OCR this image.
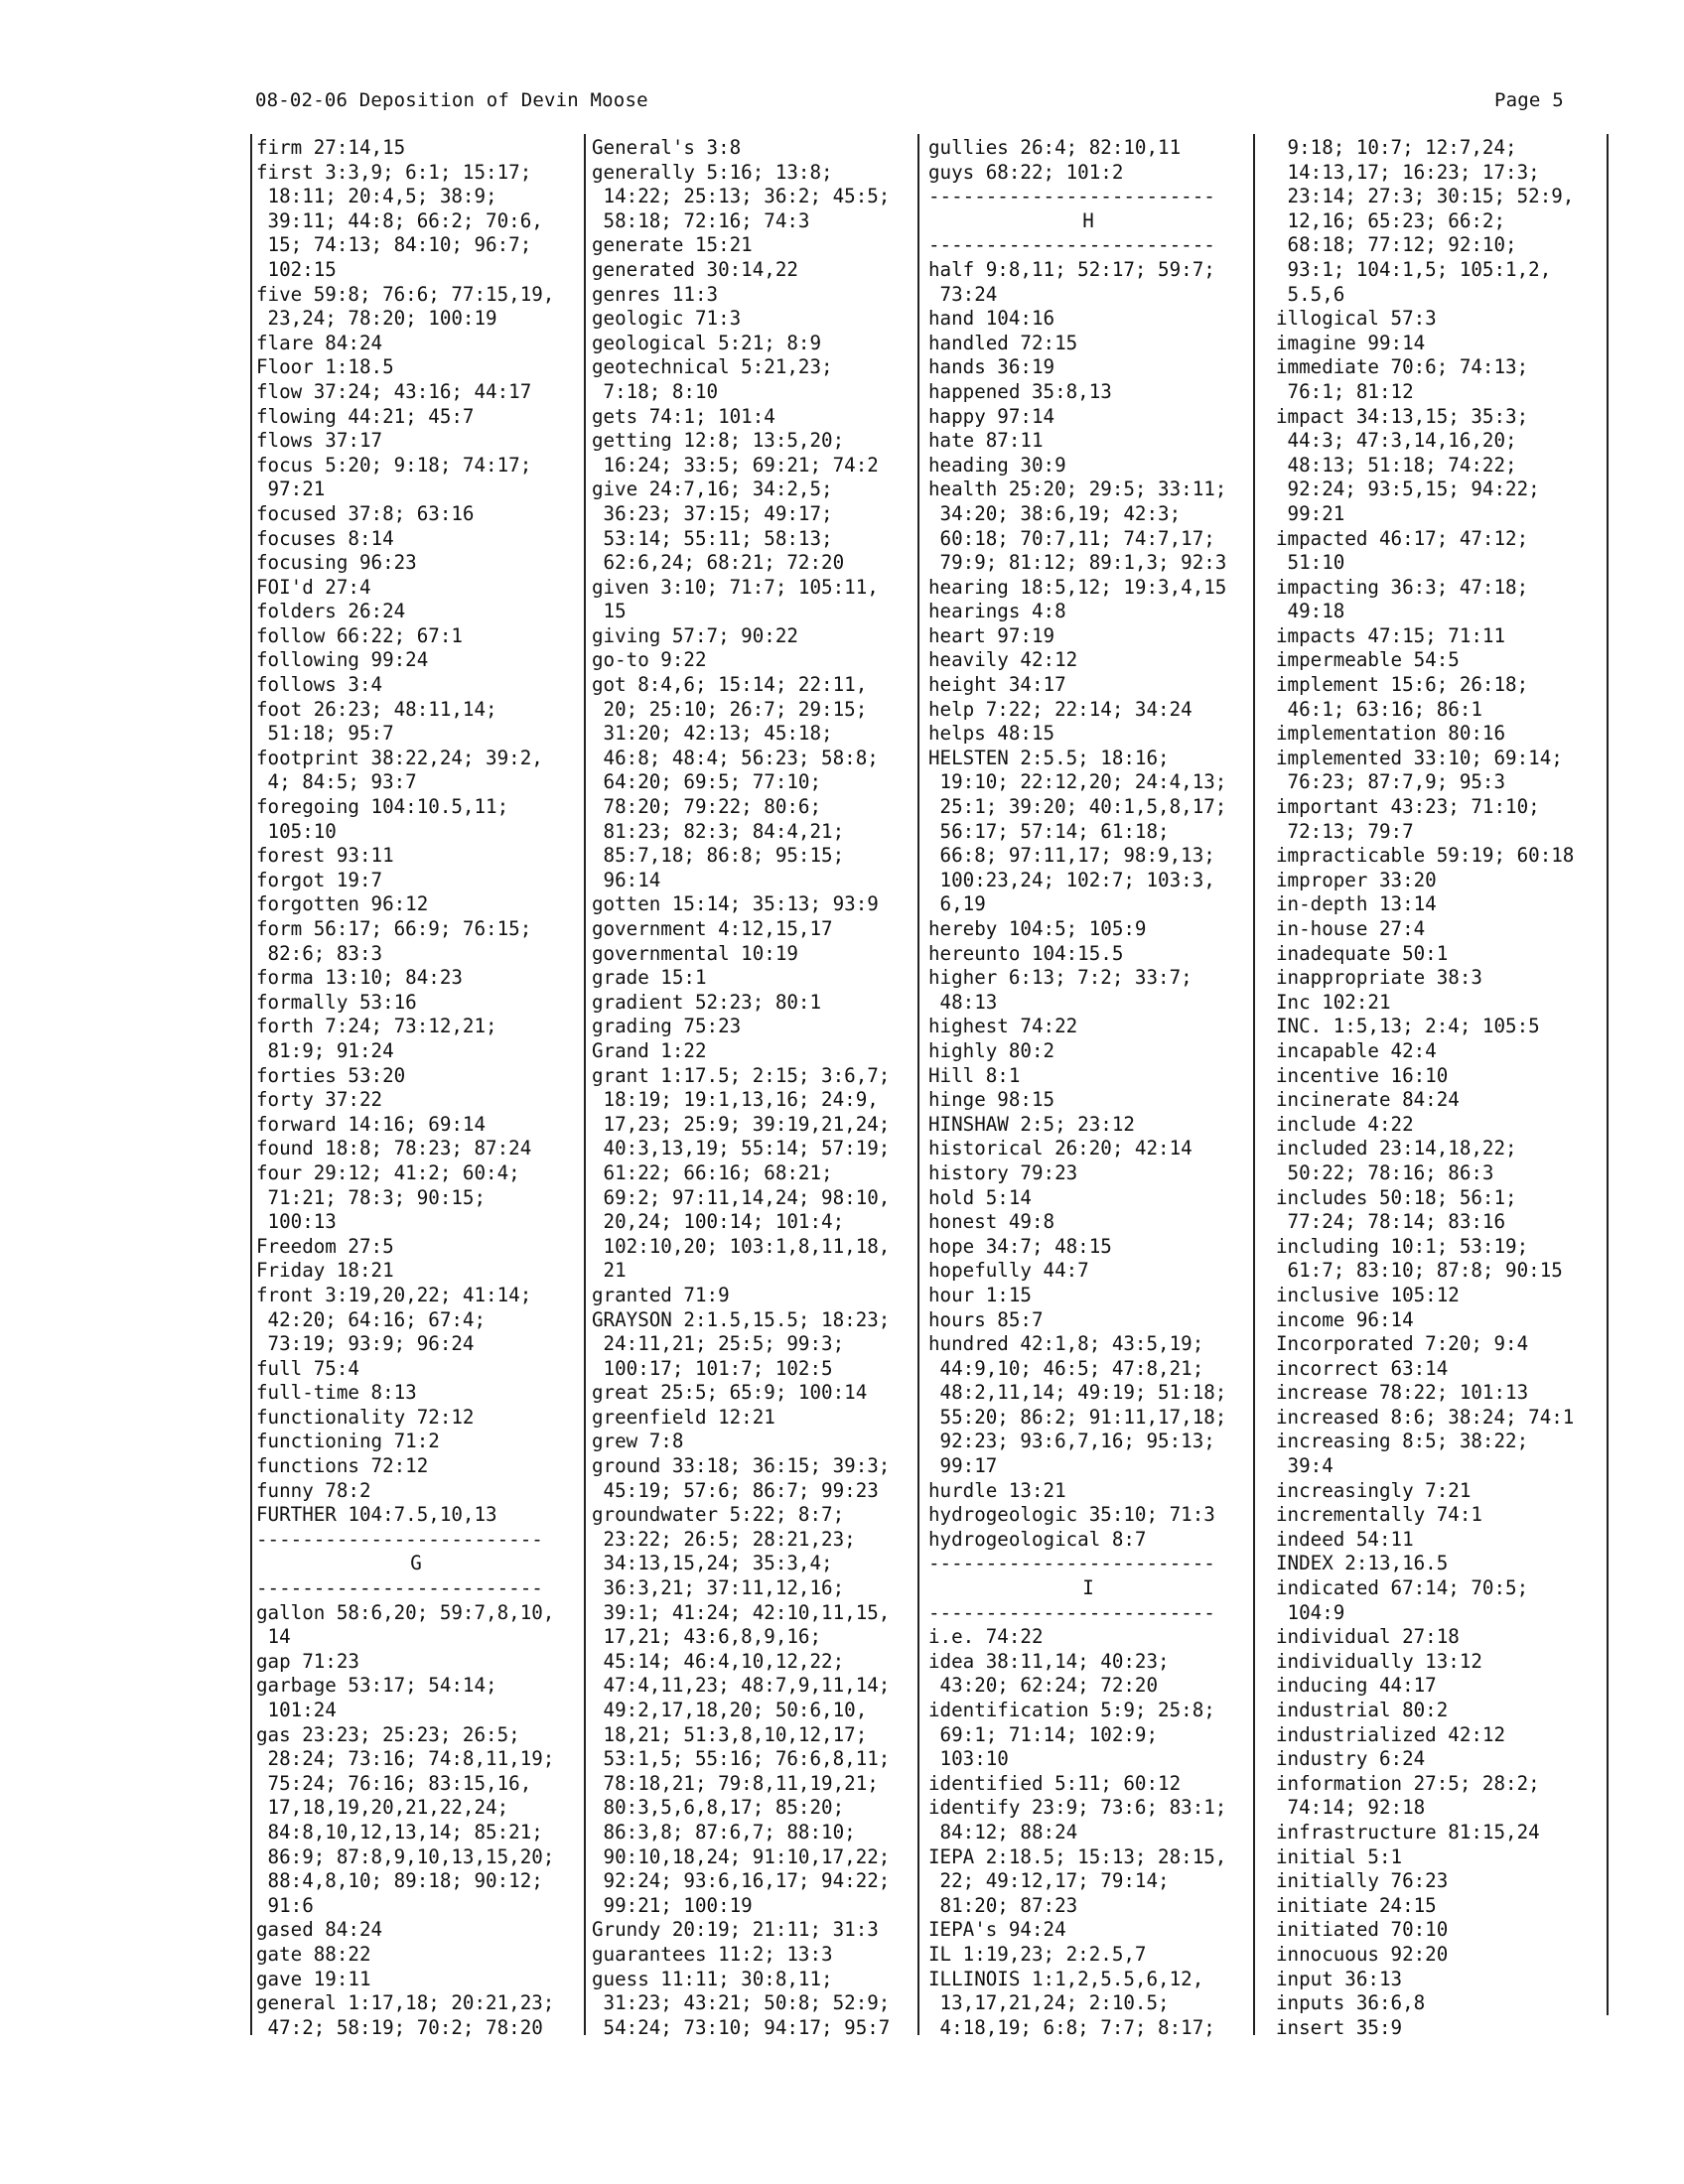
08-02-06 Deposition of Devin Moose	Page 5
firm 27:14,15
first 3:3,9; 6:1; 15:17;
18:11; 20:4,5; 38:9;
39:11; 44:8; 66:2; 70:6,
15; 74:13; 84:10; 96:7;
102:15
five 59:8; 76:6; 77:15,19,
23,24; 78:20; 100:19
flare 84:24
Floor 1:18.5
flow 37:24; 43:16; 44:17
flowing 44:21; 45:7
flows 37:17
focus 5:20; 9:18; 74:17;
97:21
focused 37:8; 63:16
focuses 8:14
focusing 96:23
FOI'd 27:4
folders 26:24
follow 66:22; 67:1
following 99:24
follows 3:4
foot 26:23; 48:11,14;
51:18; 95:7
footprint 38:22,24; 39:2,
4; 84:5; 93:7
foregoing 104:10.5,11;
105:10
forest 93:11
forgot 19:7
forgotten 96:12
form 56:17; 66:9; 76:15;
82:6; 83:3
forma 13:10; 84:23
formally 53:16
forth 7:24; 73:12,21;
81:9; 91:24
forties 53:20
forty 37:22
forward 14:16; 69:14
found 18:8; 78:23; 87:24
four 29:12; 41:2; 60:4;
71:21; 78:3; 90:15;
100:13
Freedom 27:5
Friday 18:21
front 3:19,20,22; 41:14;
42:20; 64:16; 67:4;
73:19; 93:9; 96:24
full 75:4
full-time 8:13
functionality 72:12
functioning 71:2
functions 72:12
funny 78:2
FURTHER 104:7.5,10,13
-------------------------
G
-------------------------
gallon 58:6,20; 59:7,8,10,
14
gap 71:23
garbage 53:17; 54:14;
101:24
gas 23:23; 25:23; 26:5;
28:24; 73:16; 74:8,11,19;
75:24; 76:16; 83:15,16,
17,18,19,20,21,22,24;
84:8,10,12,13,14; 85:21;
86:9; 87:8,9,10,13,15,20;
88:4,8,10; 89:18; 90:12;
91:6
gased 84:24
gate 88:22
gave 19:11
general 1:17,18; 20:21,23;
47:2; 58:19; 70:2; 78:20
General's 3:8
generally 5:16; 13:8;
14:22; 25:13; 36:2; 45:5;
58:18; 72:16; 74:3
generate 15:21
generated 30:14,22
genres 11:3
geologic 71:3
geological 5:21; 8:9
geotechnical 5:21,23;
7:18; 8:10
gets 74:1; 101:4
getting 12:8; 13:5,20;
16:24; 33:5; 69:21; 74:2
give 24:7,16; 34:2,5;
36:23; 37:15; 49:17;
53:14; 55:11; 58:13;
62:6,24; 68:21; 72:20
given 3:10; 71:7; 105:11,
15
giving 57:7; 90:22
go-to 9:22
got 8:4,6; 15:14; 22:11,
20; 25:10; 26:7; 29:15;
31:20; 42:13; 45:18;
46:8; 48:4; 56:23; 58:8;
64:20; 69:5; 77:10;
78:20; 79:22; 80:6;
81:23; 82:3; 84:4,21;
85:7,18; 86:8; 95:15;
96:14
gotten 15:14; 35:13; 93:9
government 4:12,15,17
governmental 10:19
grade 15:1
gradient 52:23; 80:1
grading 75:23
Grand 1:22
grant 1:17.5; 2:15; 3:6,7;
18:19; 19:1,13,16; 24:9,
17,23; 25:9; 39:19,21,24;
40:3,13,19; 55:14; 57:19;
61:22; 66:16; 68:21;
69:2; 97:11,14,24; 98:10,
20,24; 100:14; 101:4;
102:10,20; 103:1,8,11,18,
21
granted 71:9
GRAYSON 2:1.5,15.5; 18:23;
24:11,21; 25:5; 99:3;
100:17; 101:7; 102:5
great 25:5; 65:9; 100:14
greenfield 12:21
grew 7:8
ground 33:18; 36:15; 39:3;
45:19; 57:6; 86:7; 99:23
groundwater 5:22; 8:7;
23:22; 26:5; 28:21,23;
34:13,15,24; 35:3,4;
36:3,21; 37:11,12,16;
39:1; 41:24; 42:10,11,15,
17,21; 43:6,8,9,16;
45:14; 46:4,10,12,22;
47:4,11,23; 48:7,9,11,14;
49:2,17,18,20; 50:6,10,
18,21; 51:3,8,10,12,17;
53:1,5; 55:16; 76:6,8,11;
78:18,21; 79:8,11,19,21;
80:3,5,6,8,17; 85:20;
86:3,8; 87:6,7; 88:10;
90:10,18,24; 91:10,17,22;
92:24; 93:6,16,17; 94:22;
99:21; 100:19
Grundy 20:19; 21:11; 31:3
guarantees 11:2; 13:3
guess 11:11; 30:8,11;
31:23; 43:21; 50:8; 52:9;
54:24; 73:10; 94:17; 95:7
gullies 26:4; 82:10,11
guys 68:22; 101:2
-------------------------
H
-------------------------
half 9:8,11; 52:17; 59:7;
73:24
hand 104:16
handled 72:15
hands 36:19
happened 35:8,13
happy 97:14
hate 87:11
heading 30:9
health 25:20; 29:5; 33:11;
34:20; 38:6,19; 42:3;
60:18; 70:7,11; 74:7,17;
79:9; 81:12; 89:1,3; 92:3
hearing 18:5,12; 19:3,4,15
hearings 4:8
heart 97:19
heavily 42:12
height 34:17
help 7:22; 22:14; 34:24
helps 48:15
HELSTEN 2:5.5; 18:16;
19:10; 22:12,20; 24:4,13;
25:1; 39:20; 40:1,5,8,17;
56:17; 57:14; 61:18;
66:8; 97:11,17; 98:9,13;
100:23,24; 102:7; 103:3,
6,19
hereby 104:5; 105:9
hereunto 104:15.5
higher 6:13; 7:2; 33:7;
48:13
highest 74:22
highly 80:2
Hill 8:1
hinge 98:15
HINSHAW 2:5; 23:12
historical 26:20; 42:14
history 79:23
hold 5:14
honest 49:8
hope 34:7; 48:15
hopefully 44:7
hour 1:15
hours 85:7
hundred 42:1,8; 43:5,19;
44:9,10; 46:5; 47:8,21;
48:2,11,14; 49:19; 51:18;
55:20; 86:2; 91:11,17,18;
92:23; 93:6,7,16; 95:13;
99:17
hurdle 13:21
hydrogeologic 35:10; 71:3
hydrogeological 8:7
-------------------------
I
-------------------------
i.e. 74:22
idea 38:11,14; 40:23;
43:20; 62:24; 72:20
identification 5:9; 25:8;
69:1; 71:14; 102:9;
103:10
identified 5:11; 60:12
identify 23:9; 73:6; 83:1;
84:12; 88:24
IEPA 2:18.5; 15:13; 28:15,
22; 49:12,17; 79:14;
81:20; 87:23
IEPA's 94:24
IL 1:19,23; 2:2.5,7
ILLINOIS 1:1,2,5.5,6,12,
13,17,21,24; 2:10.5;
4:18,19; 6:8; 7:7; 8:17;
9:18; 10:7; 12:7,24;
14:13,17; 16:23; 17:3;
23:14; 27:3; 30:15; 52:9,
12,16; 65:23; 66:2;
68:18; 77:12; 92:10;
93:1; 104:1,5; 105:1,2,
5.5,6
illogical 57:3
imagine 99:14
immediate 70:6; 74:13;
76:1; 81:12
impact 34:13,15; 35:3;
44:3; 47:3,14,16,20;
48:13; 51:18; 74:22;
92:24; 93:5,15; 94:22;
99:21
impacted 46:17; 47:12;
51:10
impacting 36:3; 47:18;
49:18
impacts 47:15; 71:11
impermeable 54:5
implement 15:6; 26:18;
46:1; 63:16; 86:1
implementation 80:16
implemented 33:10; 69:14;
76:23; 87:7,9; 95:3
important 43:23; 71:10;
72:13; 79:7
impracticable 59:19; 60:18
improper 33:20
in-depth 13:14
in-house 27:4
inadequate 50:1
inappropriate 38:3
Inc 102:21
INC. 1:5,13; 2:4; 105:5
incapable 42:4
incentive 16:10
incinerate 84:24
include 4:22
included 23:14,18,22;
50:22; 78:16; 86:3
includes 50:18; 56:1;
77:24; 78:14; 83:16
including 10:1; 53:19;
61:7; 83:10; 87:8; 90:15
inclusive 105:12
income 96:14
Incorporated 7:20; 9:4
incorrect 63:14
increase 78:22; 101:13
increased 8:6; 38:24; 74:1
increasing 8:5; 38:22;
39:4
increasingly 7:21
incrementally 74:1
indeed 54:11
INDEX 2:13,16.5
indicated 67:14; 70:5;
104:9
individual 27:18
individually 13:12
inducing 44:17
industrial 80:2
industrialized 42:12
industry 6:24
information 27:5; 28:2;
74:14; 92:18
infrastructure 81:15,24
initial 5:1
initially 76:23
initiate 24:15
initiated 70:10
innocuous 92:20
input 36:13
inputs 36:6,8
insert 35:9
